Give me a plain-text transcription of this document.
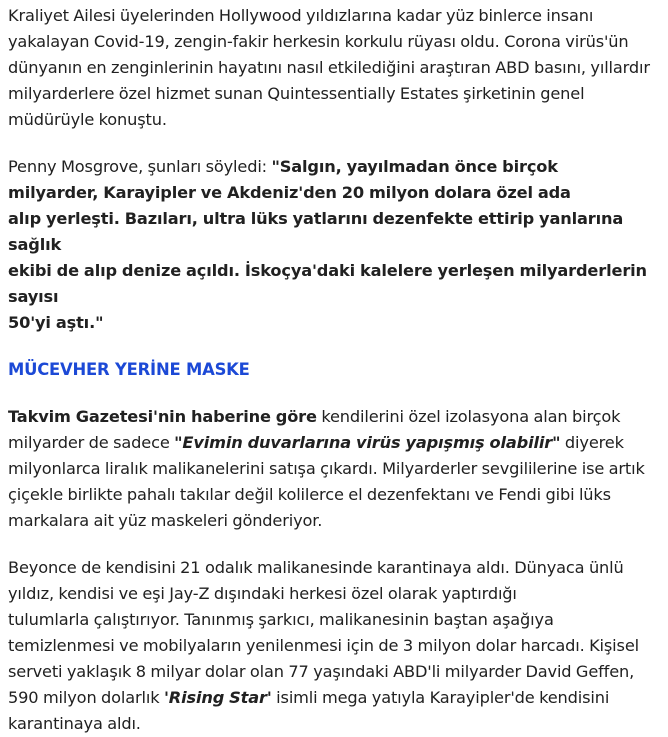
Kraliyet Ailesi üyelerinden Hollywood yıldızlarına kadar yüz binlerce insanı
yakalayan Covid-19, zengin-fakir herkesin korkulu rüyası oldu. Corona virüs'ün
dünyanın en zenginlerinin hayatını nasıl etkilediğini araştıran ABD basını, yıllardır
milyarderlere özel hizmet sunan Quintessentially Estates şirketinin genel
müdürüyle konuştu.

Penny Mosgrove, şunları söyledi: "Salgın, yayılmadan önce birçok
milyarder, Karayipler ve Akdeniz'den 20 milyon dolara özel ada
alıp yerleşti. Bazıları, ultra lüks yatlarını dezenfekte ettirip yanlarına sağlık
ekibi de alıp denize açıldı. İskoçya'daki kalelere yerleşen milyarderlerin sayısı
50'yi aştı."

MÜCEVHER YERİNE MASKE

Takvim Gazetesi'nin haberine göre kendilerini özel izolasyona alan birçok
milyarder de sadece "Evimin duvarlarına virüs yapışmış olabilir" diyerek
milyonlarca liralık malikanelerini satışa çıkardı. Milyarderler sevgililerine ise artık
çiçekle birlikte pahalı takılar değil kolilerce el dezenfektanı ve Fendi gibi lüks
markalara ait yüz maskeleri gönderiyor.

Beyonce de kendisini 21 odalık malikanesinde karantinaya aldı. Dünyaca ünlü
yıldız, kendisi ve eşi Jay-Z dışındaki herkesi özel olarak yaptırdığı
tulumlarla çalıştırıyor. Tanınmış şarkıcı, malikanesinin baştan aşağıya
temizlenmesi ve mobilyaların yenilenmesi için de 3 milyon dolar harcadı. Kişisel
serveti yaklaşık 8 milyar dolar olan 77 yaşındaki ABD'li milyarder David Geffen,
590 milyon dolarlık 'Rising Star' isimli mega yatıyla Karayipler'de kendisini
karantinaya aldı.
